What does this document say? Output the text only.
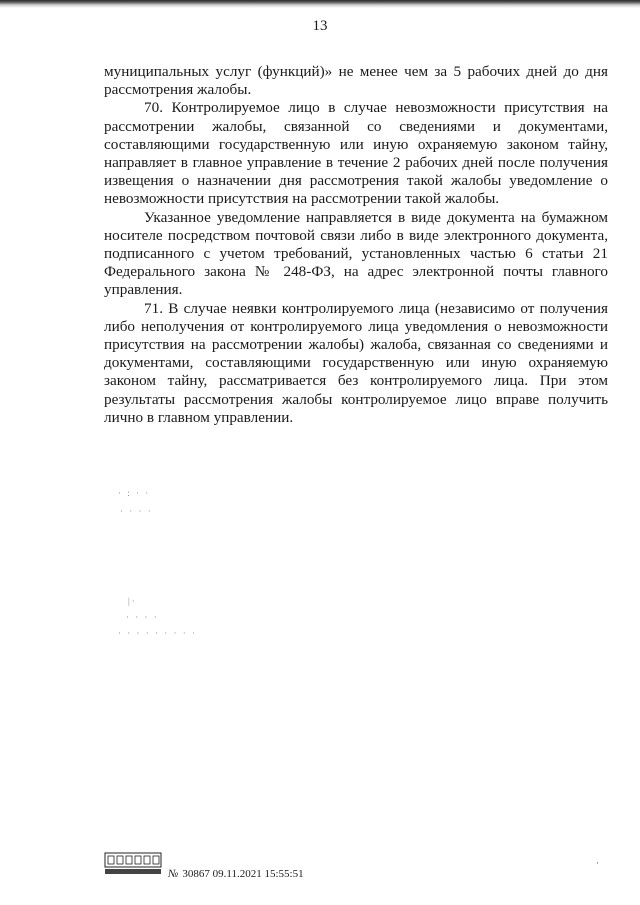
13

муниципальных услуг (функций)» не менее чем за 5 рабочих дней до дня рассмотрения жалобы.

70. Контролируемое лицо в случае невозможности присутствия на рассмотрении жалобы, связанной со сведениями и документами, составляющими государственную или иную охраняемую законом тайну, направляет в главное управление в течение 2 рабочих дней после получения извещения о назначении дня рассмотрения такой жалобы уведомление о невозможности присутствия на рассмотрении такой жалобы.

Указанное уведомление направляется в виде документа на бумажном носителе посредством почтовой связи либо в виде электронного документа, подписанного с учетом требований, установленных частью 6 статьи 21 Федерального закона № 248-ФЗ, на адрес электронной почты главного управления.

71. В случае неявки контролируемого лица (независимо от получения либо неполучения от контролируемого лица уведомления о невозможности присутствия на рассмотрении жалобы) жалоба, связанная со сведениями и документами, составляющими государственную или иную охраняемую законом тайну, рассматривается без контролируемого лица. При этом результаты рассмотрения жалобы контролируемое лицо вправе получить лично в главном управлении.

· : · ·
· · · ·
|·
· · · ·
· · · · · · · · ·
№ 30867 09.11.2021 15:55:51
·
